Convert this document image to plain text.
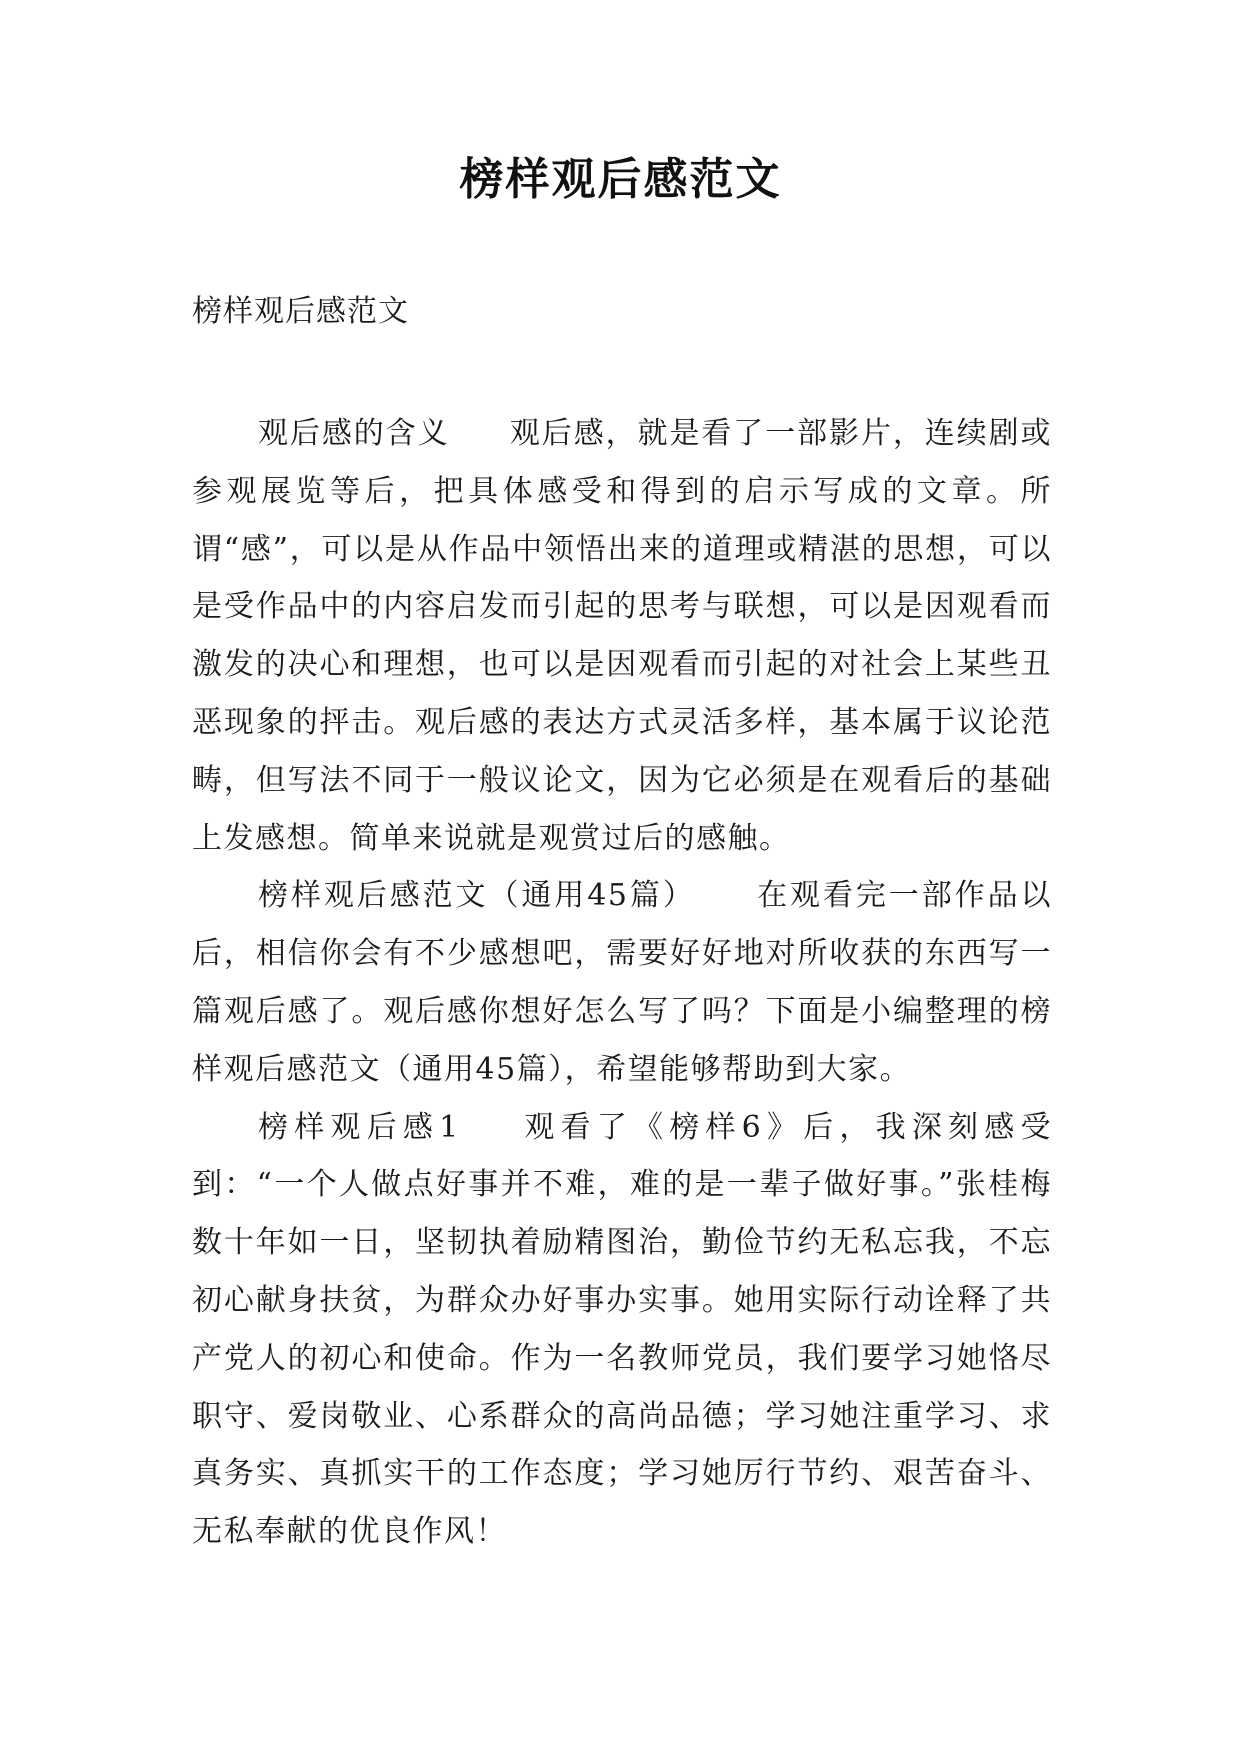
榜样观后感范文

榜样观后感范文

观后感的含义 观后感，就是看了一部影片，连续剧或参观展览等后，把具体感受和得到的启示写成的文章。所谓“感”，可以是从作品中领悟出来的道理或精湛的思想，可以是受作品中的内容启发而引起的思考与联想，可以是因观看而激发的决心和理想，也可以是因观看而引起的对社会上某些丑恶现象的抨击。观后感的表达方式灵活多样，基本属于议论范畴，但写法不同于一般议论文，因为它必须是在观看后的基础上发感想。简单来说就是观赏过后的感触。

榜样观后感范文（通用45篇） 在观看完一部作品以后，相信你会有不少感想吧，需要好好地对所收获的东西写一篇观后感了。观后感你想好怎么写了吗？下面是小编整理的榜样观后感范文（通用45篇），希望能够帮助到大家。

榜样观后感1 观看了《榜样6》后，我深刻感受到：“一个人做点好事并不难，难的是一辈子做好事。”张桂梅数十年如一日，坚韧执着励精图治，勤俭节约无私忘我，不忘初心献身扶贫，为群众办好事办实事。她用实际行动诠释了共产党人的初心和使命。作为一名教师党员，我们要学习她恪尽职守、爱岗敬业、心系群众的高尚品德；学习她注重学习、求真务实、真抓实干的工作态度；学习她厉行节约、艰苦奋斗、无私奉献的优良作风！
